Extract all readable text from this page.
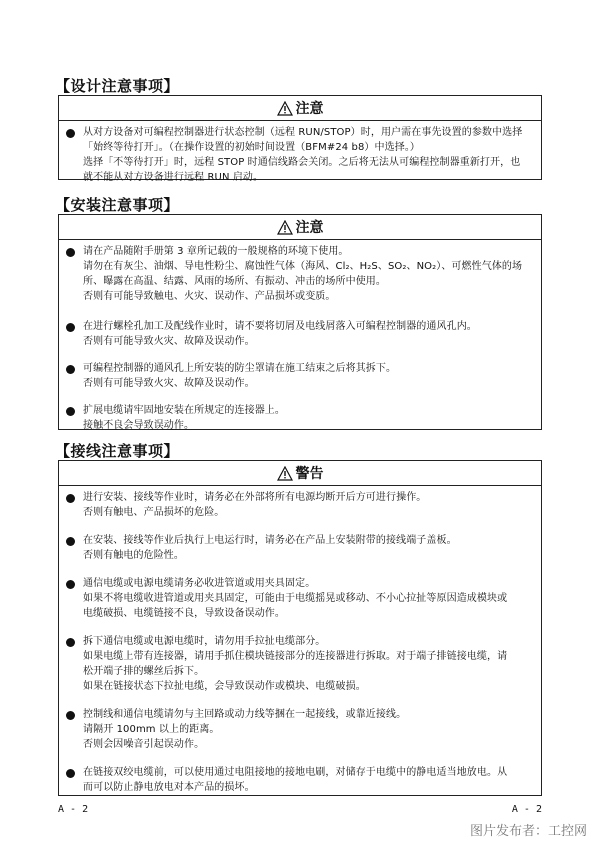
【设计注意事项】
注意
从对方设备对可编程控制器进行状态控制（远程 RUN/STOP）时，用户需在事先设置的参数中选择
「始终等待打开」。（在操作设置的初始时间设置（BFM#24 b8）中选择。）
选择「不等待打开」时，远程 STOP 时通信线路会关闭。之后将无法从可编程控制器重新打开，也
就不能从对方设备进行远程 RUN 启动。
【安装注意事项】
注意
请在产品随附手册第 3 章所记载的一般规格的环境下使用。
请勿在有灰尘、油烟、导电性粉尘、腐蚀性气体（海风、Cl₂、H₂S、SO₂、NO₂）、可燃性气体的场
所、曝露在高温、结露、风雨的场所、有振动、冲击的场所中使用。
否则有可能导致触电、火灾、误动作、产品损坏或变质。
在进行螺栓孔加工及配线作业时，请不要将切屑及电线屑落入可编程控制器的通风孔内。
否则有可能导致火灾、故障及误动作。
可编程控制器的通风孔上所安装的防尘罩请在施工结束之后将其拆下。
否则有可能导致火灾、故障及误动作。
扩展电缆请牢固地安装在所规定的连接器上。
接触不良会导致误动作。
【接线注意事项】
警告
进行安装、接线等作业时，请务必在外部将所有电源均断开后方可进行操作。
否则有触电、产品损坏的危险。
在安装、接线等作业后执行上电运行时，请务必在产品上安装附带的接线端子盖板。
否则有触电的危险性。
通信电缆或电源电缆请务必收进管道或用夹具固定。
如果不将电缆收进管道或用夹具固定，可能由于电缆摇晃或移动、不小心拉扯等原因造成模块或
电缆破损、电缆链接不良，导致设备误动作。
拆下通信电缆或电源电缆时，请勿用手拉扯电缆部分。
如果电缆上带有连接器，请用手抓住模块链接部分的连接器进行拆取。对于端子排链接电缆，请
松开端子排的螺丝后拆下。
如果在链接状态下拉扯电缆，会导致误动作或模块、电缆破损。
控制线和通信电缆请勿与主回路或动力线等捆在一起接线，或靠近接线。
请隔开 100mm 以上的距离。
否则会因噪音引起误动作。
在链接双绞电缆前，可以使用通过电阻接地的接地电刷，对储存于电缆中的静电适当地放电。从
而可以防止静电放电对本产品的损坏。
A - 2	A - 2
图片发布者：工控网
